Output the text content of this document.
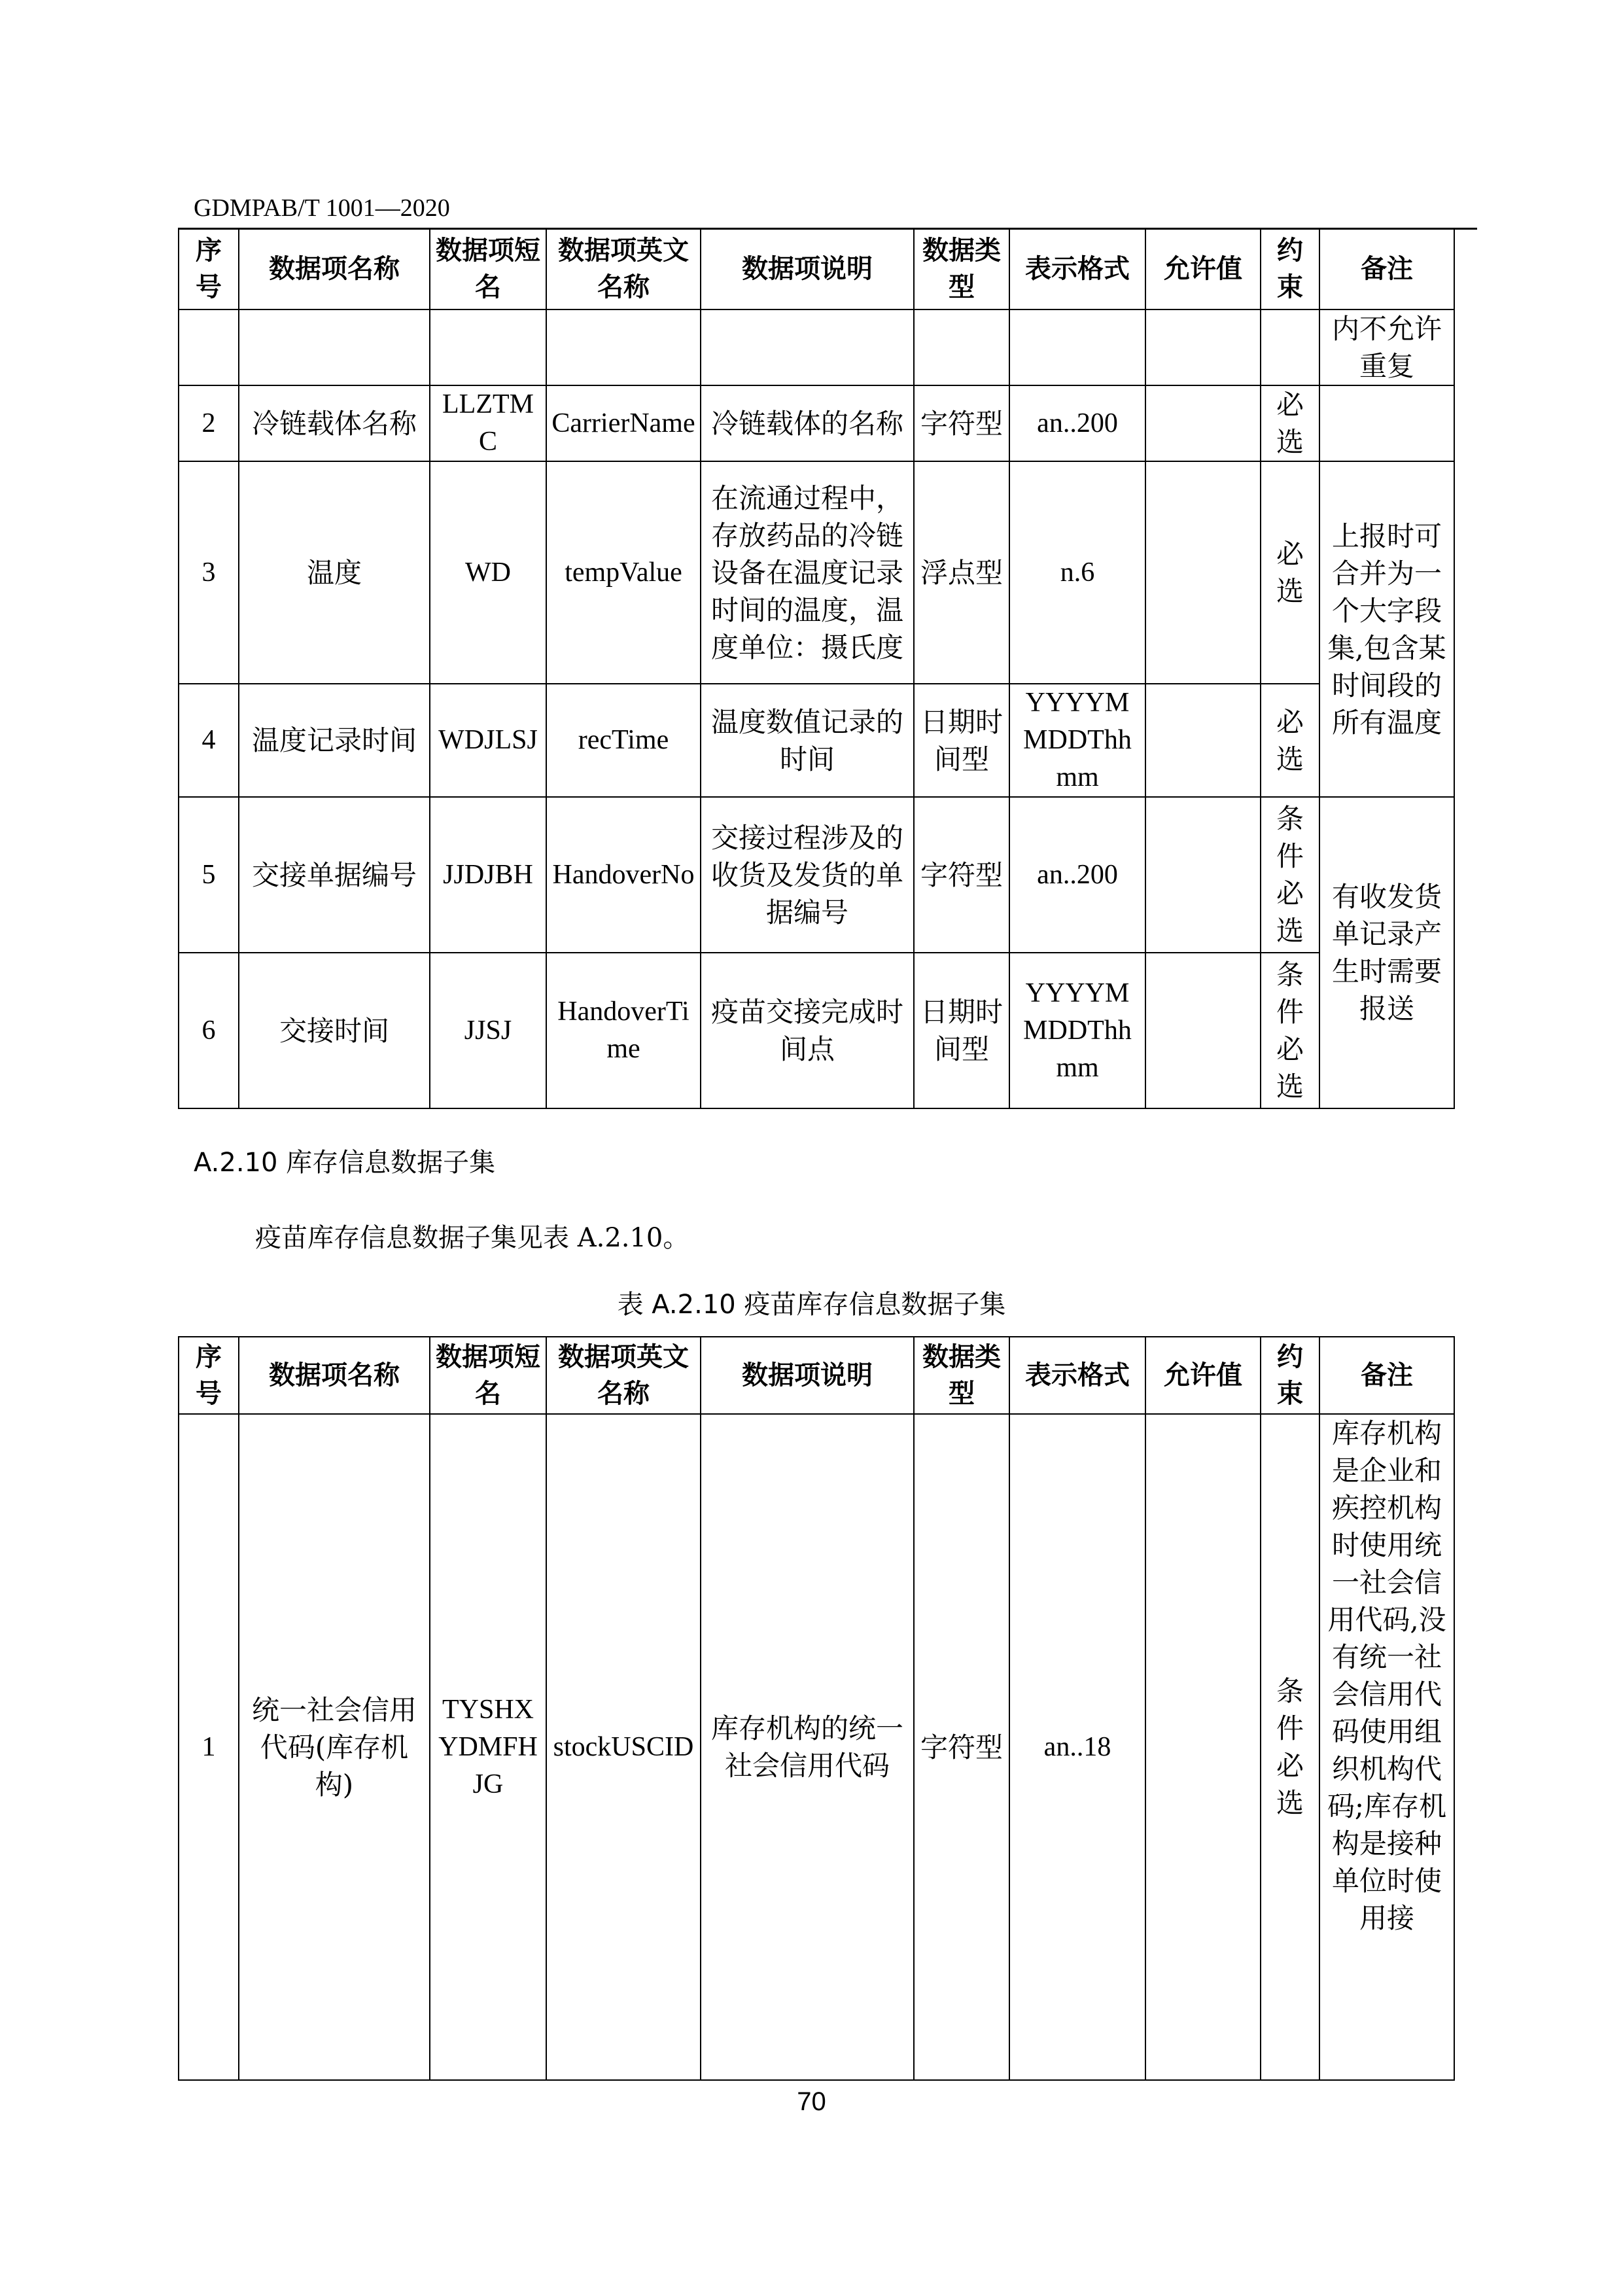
GDMPAB/T 1001—2020
序号	数据项名称	数据项短名	数据项英文名称	数据项说明	数据类型	表示格式	允许值	约束	备注
									内不允许重复
2	冷链载体名称	LLZTMC	CarrierName	冷链载体的名称	字符型	an..200		必选	
3	温度	WD	tempValue	在流通过程中，存放药品的冷链设备在温度记录时间的温度，温度单位：摄氏度	浮点型	n.6		必选	上报时可合并为一个大字段集,包含某时间段的所有温度
4	温度记录时间	WDJLSJ	recTime	温度数值记录的时间	日期时间型	YYYYMMDDThhmm		必选	
5	交接单据编号	JJDJBH	HandoverNo	交接过程涉及的收货及发货的单据编号	字符型	an..200		条件必选	有收发货单记录产生时需要报送
6	交接时间	JJSJ	HandoverTime	疫苗交接完成时间点	日期时间型	YYYYMMDDThhmm		条件必选	
A.2.10 库存信息数据子集
疫苗库存信息数据子集见表 A.2.10。
表 A.2.10 疫苗库存信息数据子集
序号	数据项名称	数据项短名	数据项英文名称	数据项说明	数据类型	表示格式	允许值	约束	备注
1	统一社会信用代码(库存机构)	TYSHXYDMFHJG	stockUSCID	库存机构的统一社会信用代码	字符型	an..18		条件必选	库存机构是企业和疾控机构时使用统一社会信用代码,没有统一社会信用代码使用组织机构代码;库存机构是接种单位时使用接
70
